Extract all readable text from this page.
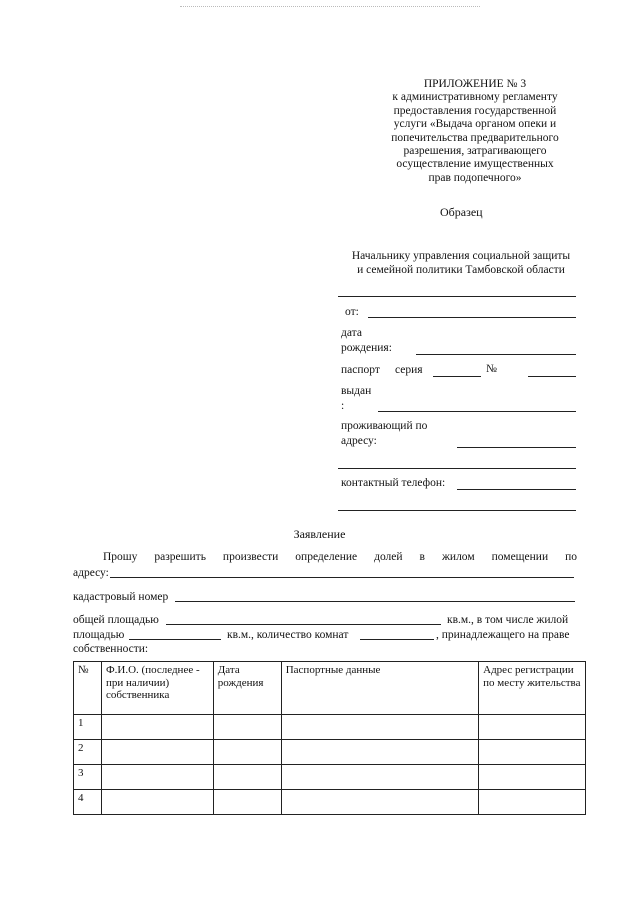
ПРИЛОЖЕНИЕ № 3
к административному регламенту
предоставления государственной
услуги «Выдача органом опеки и
попечительства предварительного
разрешения, затрагивающего
осуществление имущественных
прав подопечного»
Образец
Начальнику управления социальной защиты
и семейной политики Тамбовской области
от:
дата
рождения:
паспорт серия	№
выдан
:
проживающий по
адресу:
контактный телефон:
Заявление
Прошу разрешить произвести определение долей в жилом помещении по
адресу:
кадастровый номер
общей площадью	кв.м., в том числе жилой
площадью	кв.м., количество комнат	, принадлежащего на праве
собственности:
№	Ф.И.О. (последнее - при наличии) собственника	Дата рождения	Паспортные данные	Адрес регистрации по месту жительства
1				
2				
3				
4				
